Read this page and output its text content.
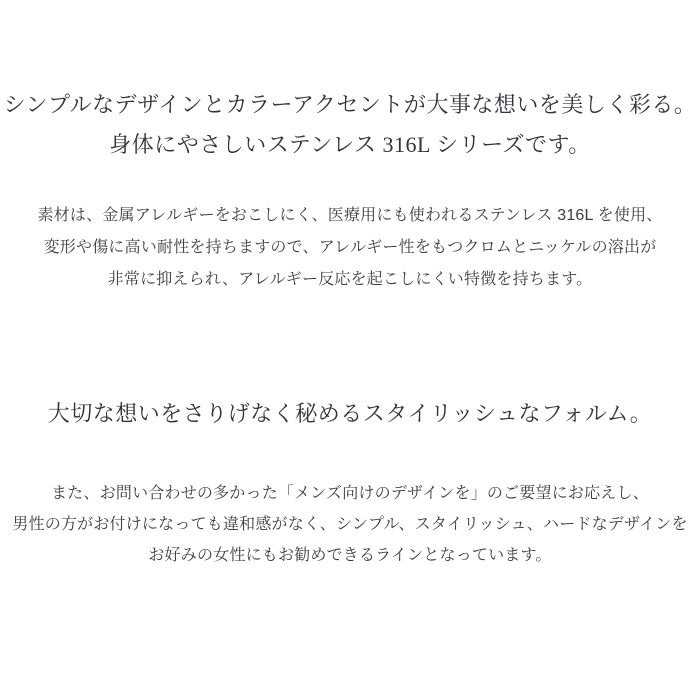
シンプルなデザインとカラーアクセントが大事な想いを美しく彩る。
身体にやさしいステンレス 316L シリーズです。

素材は、金属アレルギーをおこしにく、医療用にも使われるステンレス 316L を使用、
変形や傷に高い耐性を持ちますので、アレルギー性をもつクロムとニッケルの溶出が
非常に抑えられ、アレルギー反応を起こしにくい特徴を持ちます。

大切な想いをさりげなく秘めるスタイリッシュなフォルム。

また、お問い合わせの多かった「メンズ向けのデザインを」のご要望にお応えし、
男性の方がお付けになっても違和感がなく、シンプル、スタイリッシュ、ハードなデザインを
お好みの女性にもお勧めできるラインとなっています。
